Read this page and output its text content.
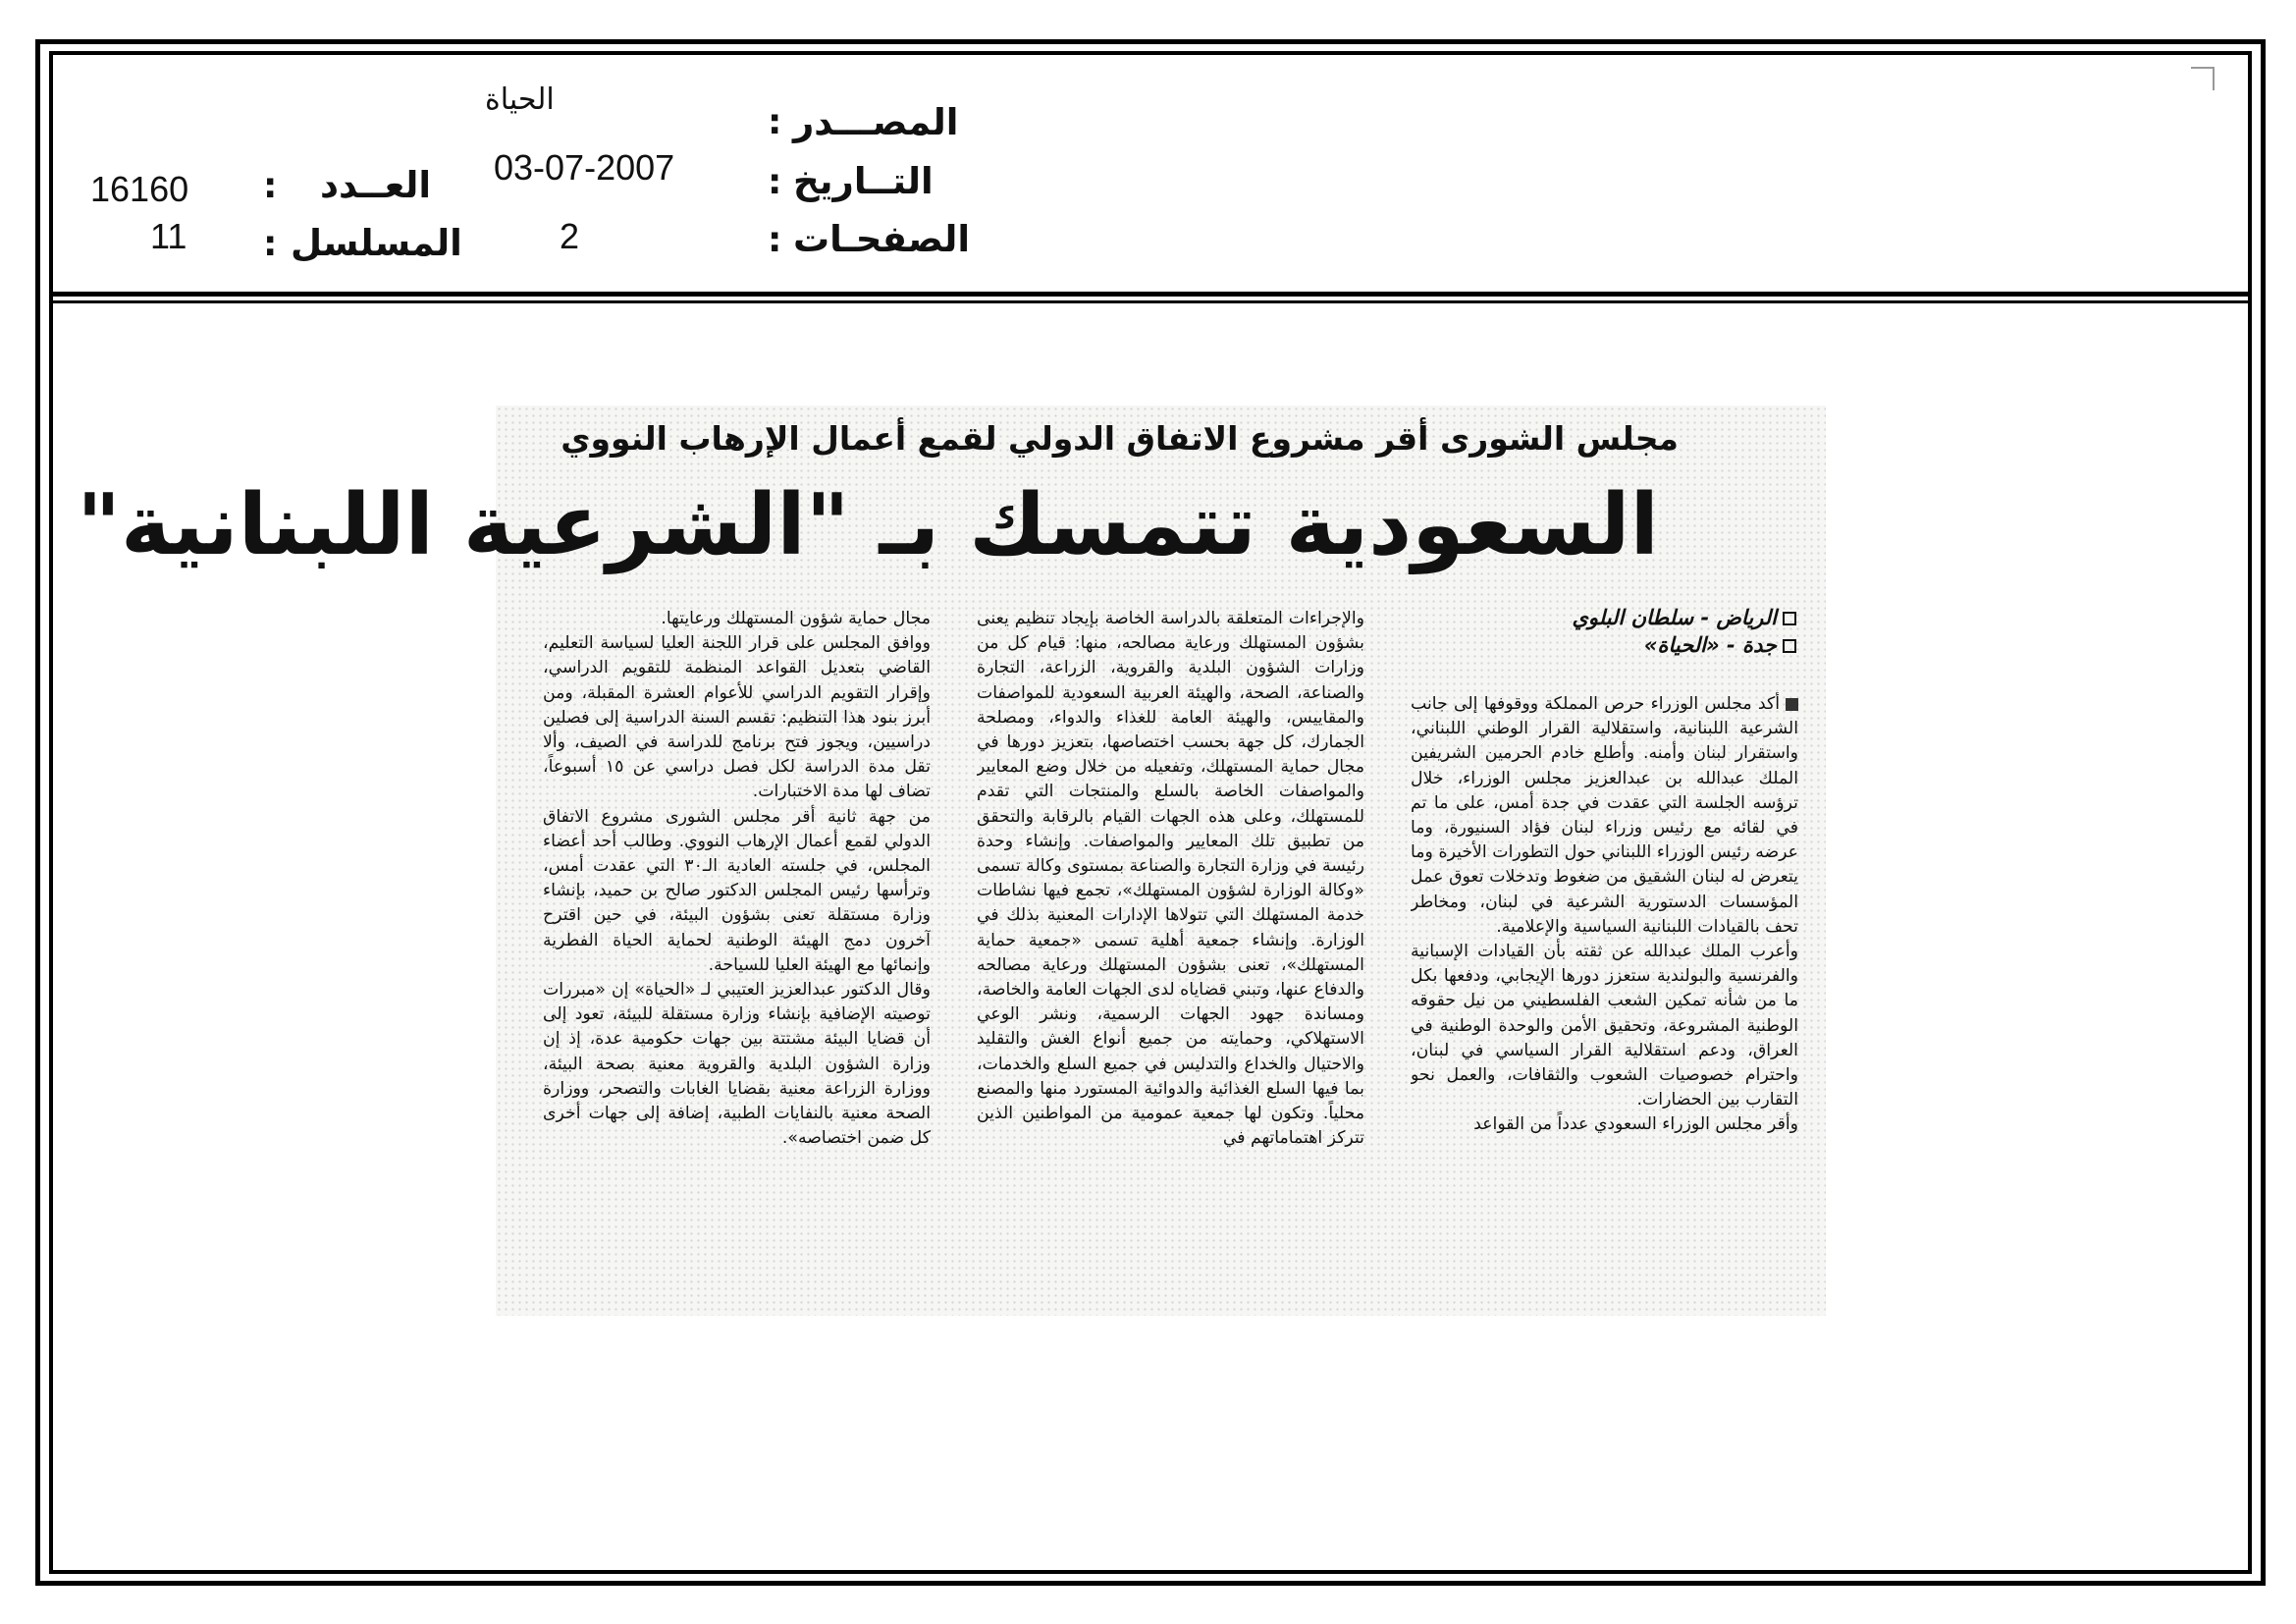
المصـــدر
:
الحياة
التــاريخ
:
03-07-2007
الصفحـات
:
2
العــدد
:
16160
المسلسل
:
11
مجلس الشورى أقر مشروع الاتفاق الدولي لقمع أعمال الإرهاب النووي
السعودية تتمسك بـ "الشرعية اللبنانية"
الرياض - سلطان البلوي
جدة - «الحياة»

أكد مجلس الوزراء حرص المملكة ووقوفها إلى جانب الشرعية اللبنانية، واستقلالية القرار الوطني اللبناني، واستقرار لبنان وأمنه. وأطلع خادم الحرمين الشريفين الملك عبدالله بن عبدالعزيز مجلس الوزراء، خلال ترؤسه الجلسة التي عقدت في جدة أمس، على ما تم في لقائه مع رئيس وزراء لبنان فؤاد السنيورة، وما عرضه رئيس الوزراء اللبناني حول التطورات الأخيرة وما يتعرض له لبنان الشقيق من ضغوط وتدخلات تعوق عمل المؤسسات الدستورية الشرعية في لبنان، ومخاطر تحف بالقيادات اللبنانية السياسية والإعلامية.

وأعرب الملك عبدالله عن ثقته بأن القيادات الإسبانية والفرنسية والبولندية ستعزز دورها الإيجابي، ودفعها بكل ما من شأنه تمكين الشعب الفلسطيني من نيل حقوقه الوطنية المشروعة، وتحقيق الأمن والوحدة الوطنية في العراق، ودعم استقلالية القرار السياسي في لبنان، واحترام خصوصيات الشعوب والثقافات، والعمل نحو التقارب بين الحضارات.

وأقر مجلس الوزراء السعودي عدداً من القواعد

والإجراءات المتعلقة بالدراسة الخاصة بإيجاد تنظيم يعنى بشؤون المستهلك ورعاية مصالحه، منها: قيام كل من وزارات الشؤون البلدية والقروية، الزراعة، التجارة والصناعة، الصحة، والهيئة العربية السعودية للمواصفات والمقاييس، والهيئة العامة للغذاء والدواء، ومصلحة الجمارك، كل جهة بحسب اختصاصها، بتعزيز دورها في مجال حماية المستهلك، وتفعيله من خلال وضع المعايير والمواصفات الخاصة بالسلع والمنتجات التي تقدم للمستهلك، وعلى هذه الجهات القيام بالرقابة والتحقق من تطبيق تلك المعايير والمواصفات. وإنشاء وحدة رئيسة في وزارة التجارة والصناعة بمستوى وكالة تسمى «وكالة الوزارة لشؤون المستهلك»، تجمع فيها نشاطات خدمة المستهلك التي تتولاها الإدارات المعنية بذلك في الوزارة. وإنشاء جمعية أهلية تسمى «جمعية حماية المستهلك»، تعنى بشؤون المستهلك ورعاية مصالحه والدفاع عنها، وتبني قضاياه لدى الجهات العامة والخاصة، ومساندة جهود الجهات الرسمية، ونشر الوعي الاستهلاكي، وحمايته من جميع أنواع الغش والتقليد والاحتيال والخداع والتدليس في جميع السلع والخدمات، بما فيها السلع الغذائية والدوائية المستورد منها والمصنع محلياً. وتكون لها جمعية عمومية من المواطنين الذين تتركز اهتماماتهم في

مجال حماية شؤون المستهلك ورعايتها.

ووافق المجلس على قرار اللجنة العليا لسياسة التعليم، القاضي بتعديل القواعد المنظمة للتقويم الدراسي، وإقرار التقويم الدراسي للأعوام العشرة المقبلة، ومن أبرز بنود هذا التنظيم: تقسم السنة الدراسية إلى فصلين دراسيين، ويجوز فتح برنامج للدراسة في الصيف، وألا تقل مدة الدراسة لكل فصل دراسي عن ١٥ أسبوعاً، تضاف لها مدة الاختبارات.

من جهة ثانية أقر مجلس الشورى مشروع الاتفاق الدولي لقمع أعمال الإرهاب النووي. وطالب أحد أعضاء المجلس، في جلسته العادية الـ٣٠ التي عقدت أمس، وترأسها رئيس المجلس الدكتور صالح بن حميد، بإنشاء وزارة مستقلة تعنى بشؤون البيئة، في حين اقترح آخرون دمج الهيئة الوطنية لحماية الحياة الفطرية وإنمائها مع الهيئة العليا للسياحة.

وقال الدكتور عبدالعزيز العتيبي لـ «الحياة» إن «مبررات توصيته الإضافية بإنشاء وزارة مستقلة للبيئة، تعود إلى أن قضايا البيئة مشتتة بين جهات حكومية عدة، إذ إن وزارة الشؤون البلدية والقروية معنية بصحة البيئة، ووزارة الزراعة معنية بقضايا الغابات والتصحر، ووزارة الصحة معنية بالنفايات الطبية، إضافة إلى جهات أخرى كل ضمن اختصاصه».
